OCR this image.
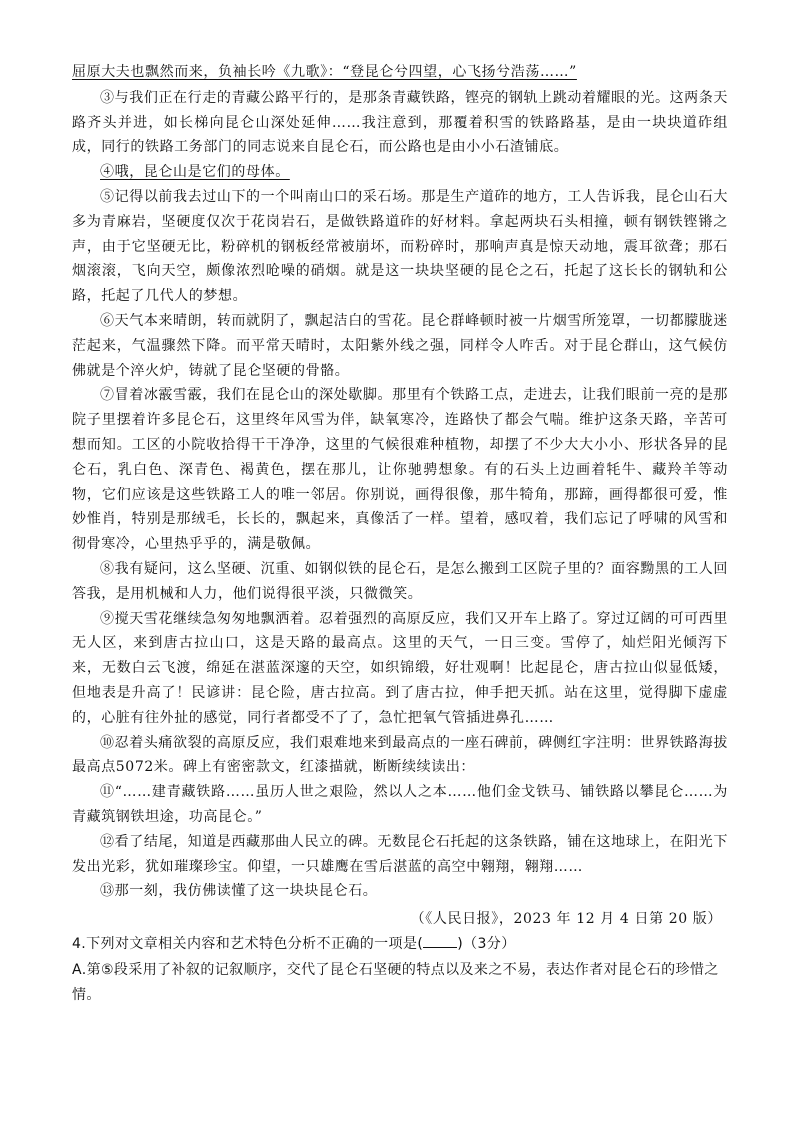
屈原大夫也飘然而来，负袖长吟《九歌》：“登昆仑兮四望，心飞扬兮浩荡……”

③与我们正在行走的青藏公路平行的，是那条青藏铁路，铿亮的钢轨上跳动着耀眼的光。这两条天路齐头并进，如长梯向昆仑山深处延伸……我注意到，那覆着积雪的铁路路基，是由一块块道砟组成，同行的铁路工务部门的同志说来自昆仑石，而公路也是由小小石渣铺底。

④哦，昆仑山是它们的母体。

⑤记得以前我去过山下的一个叫南山口的采石场。那是生产道砟的地方，工人告诉我，昆仑山石大多为青麻岩，坚硬度仅次于花岗岩石，是做铁路道砟的好材料。拿起两块石头相撞，顿有钢铁铿锵之声，由于它坚硬无比，粉碎机的钢板经常被崩坏，而粉碎时，那响声真是惊天动地，震耳欲聋；那石烟滚滚，飞向天空，颇像浓烈呛噪的硝烟。就是这一块块坚硬的昆仑之石，托起了这长长的钢轨和公路，托起了几代人的梦想。

⑥天气本来晴朗，转而就阴了，飘起洁白的雪花。昆仑群峰顿时被一片烟雪所笼罩，一切都朦胧迷茫起来，气温骤然下降。而平常天晴时，太阳紫外线之强，同样令人咋舌。对于昆仑群山，这气候仿佛就是个淬火炉，铸就了昆仑坚硬的骨骼。

⑦冒着冰霰雪霰，我们在昆仑山的深处歇脚。那里有个铁路工点，走进去，让我们眼前一亮的是那院子里摆着许多昆仑石，这里终年风雪为伴，缺氧寒冷，连路快了都会气喘。维护这条天路，辛苦可想而知。工区的小院收拾得干干净净，这里的气候很难种植物，却摆了不少大大小小、形状各异的昆仑石，乳白色、深青色、褐黄色，摆在那儿，让你驰骋想象。有的石头上边画着牦牛、藏羚羊等动物，它们应该是这些铁路工人的唯一邻居。你别说，画得很像，那牛犄角，那蹄，画得都很可爱，惟妙惟肖，特别是那绒毛，长长的，飘起来，真像活了一样。望着，感叹着，我们忘记了呼啸的风雪和彻骨寒冷，心里热乎乎的，满是敬佩。

⑧我有疑问，这么坚硬、沉重、如钢似铁的昆仑石，是怎么搬到工区院子里的？面容黝黑的工人回答我，是用机械和人力，他们说得很平淡，只微微笑。

⑨搅天雪花继续急匆匆地飘洒着。忍着强烈的高原反应，我们又开车上路了。穿过辽阔的可可西里无人区，来到唐古拉山口，这是天路的最高点。这里的天气，一日三变。雪停了，灿烂阳光倾泻下来，无数白云飞渡，绵延在湛蓝深邃的天空，如织锦缎，好壮观啊！比起昆仑，唐古拉山似显低矮，但地表是升高了！民谚讲：昆仑险，唐古拉高。到了唐古拉，伸手把天抓。站在这里，觉得脚下虚虚的，心脏有往外扯的感觉，同行者都受不了了，急忙把氧气管插进鼻孔……

⑩忍着头痛欲裂的高原反应，我们艰难地来到最高点的一座石碑前，碑侧红字注明：世界铁路海拔最高点5072米。碑上有密密款文，红漆描就，断断续续读出：

⑪“……建青藏铁路……虽历人世之艰险，然以人之本……他们金戈铁马、铺铁路以攀昆仑……为青藏筑钢铁坦途，功高昆仑。”

⑫看了结尾，知道是西藏那曲人民立的碑。无数昆仑石托起的这条铁路，铺在这地球上，在阳光下发出光彩，犹如璀璨珍宝。仰望，一只雄鹰在雪后湛蓝的高空中翱翔，翱翔……

⑬那一刻，我仿佛读懂了这一块块昆仑石。

（《人民日报》，2023 年 12 月 4 日第 20 版）

4.下列对文章相关内容和艺术特色分析不正确的一项是( )（3分）

A.第⑤段采用了补叙的记叙顺序，交代了昆仑石坚硬的特点以及来之不易，表达作者对昆仑石的珍惜之情。
